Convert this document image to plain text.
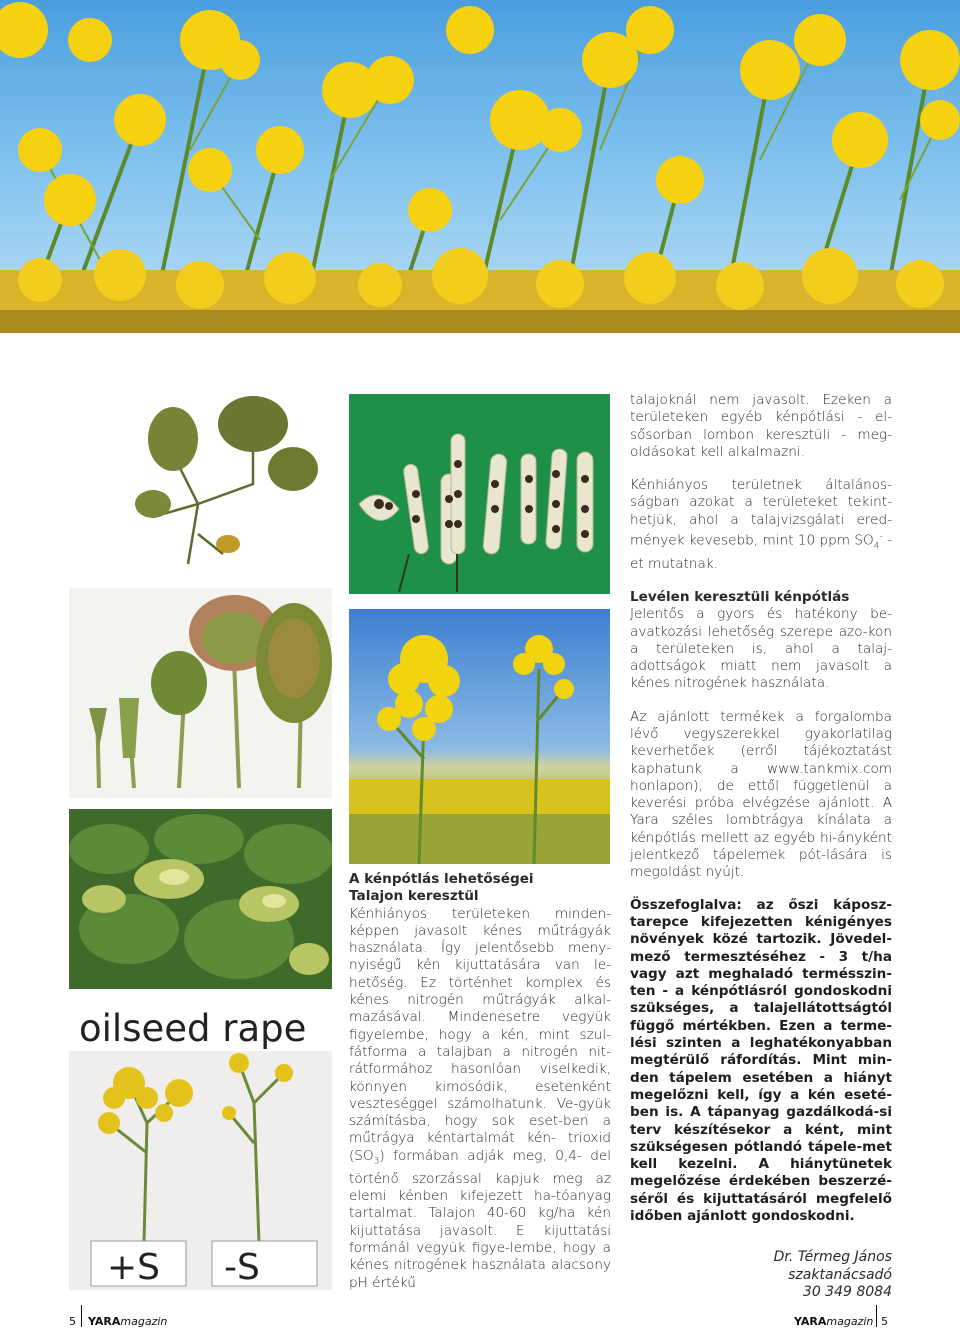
oilseed rape
+S -S
A kénpótlás lehetőségei
Talajon keresztül
Kénhiányos területeken minden-képpen javasolt kénes műtrágyák használata. Így jelentősebb meny-nyiségű kén kijuttatására van le-hetőség. Ez történhet komplex és kénes nitrogén műtrágyák alkal-mazásával. Mindenesetre vegyük figyelembe, hogy a kén, mint szul-fátforma a talajban a nitrogén nit-rátformához hasonlóan viselkedik, könnyen kimosódik, esetenként veszteséggel számolhatunk. Ve-gyük számításba, hogy sok eset-ben a műtrágya kéntartalmát kén- trioxid $(SO_3)$ formában adják meg, 0,4- del történő szorzással kapjuk meg az elemi kénben kifejezett ha-tóanyag tartalmat. Talajon 40-60 kg/ha kén kijuttatása javasolt. E kijuttatási formánál vegyük figye-lembe, hogy a kénes nitrogének használata alacsony pH értékű

talajoknál nem javasolt. Ezeken a területeken egyéb kénpótlási - el-sősorban lombon keresztüli - meg-oldásokat kell alkalmazni.

Kénhiányos területnek általános-ságban azokat a területeket tekint-hetjük, ahol a talajvizsgálati ered-mények kevesebb, mint 10 ppm $SO_4^-$ - et mutatnak.

Levélen keresztüli kénpótlás
Jelentős a gyors és hatékony be-avatkozási lehetőség szerepe azo-kon a területeken is, ahol a talaj-adottságok miatt nem javasolt a kénes nitrogének használata.

Az ajánlott termékek a forgalomba lévő vegyszerekkel gyakorlatilag keverhetőek (erről tájékoztatást kaphatunk a www.tankmix.com honlapon), de ettől függetlenül a keverési próba elvégzése ajánlott. A Yara széles lombtrágya kínálata a kénpótlás mellett az egyéb hi-ányként jelentkező tápelemek pót-lására is megoldást nyújt.

Összefoglalva: az őszi káposz-tarepce kifejezetten kénigényes növények közé tartozik. Jövedel-mező termesztéséhez - 3 t/ha vagy azt meghaladó termésszin-ten - a kénpótlásról gondoskodni szükséges, a talajellátottságtól függő mértékben. Ezen a terme-lési szinten a leghatékonyabban megtérülő ráfordítás. Mint min-den tápelem esetében a hiányt megelőzni kell, így a kén eseté-ben is. A tápanyag gazdálkodá-si terv készítésekor a ként, mint szükségesen pótlandó tápele-met kell kezelni. A hiánytünetek megelőzése érdekében beszerzé-séről és kijuttatásáról megfelelő időben ajánlott gondoskodni.

Dr. Térmeg János
szaktanácsadó
30 349 8084
5 YARAmagazin	YARAmagazin 5
